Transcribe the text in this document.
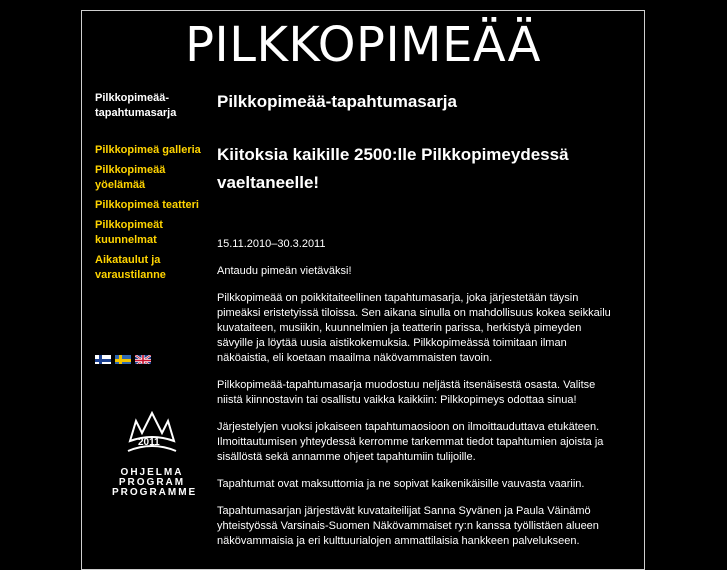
PILKKOPIMEÄÄ
Pilkkopimeää-tapahtumasarja
Pilkkopimeä galleria
Pilkkopimeää yöelämää
Pilkkopimeä teatteri
Pilkkopimeät kuunnelmat
Aikataulut ja varaustilanne
2011
OHJELMA
PROGRAM
PROGRAMME
Pilkkopimeää-tapahtumasarja
Kiitoksia kaikille 2500:lle Pilkkopimeydessä vaeltaneelle!

15.11.2010–30.3.2011

Antaudu pimeän vietäväksi!

Pilkkopimeää on poikkitaiteellinen tapahtumasarja, joka järjestetään täysin pimeäksi eristetyissä tiloissa. Sen aikana sinulla on mahdollisuus kokea seikkailu kuvataiteen, musiikin, kuunnelmien ja teatterin parissa, herkistyä pimeyden sävyille ja löytää uusia aistikokemuksia. Pilkkopimeässä toimitaan ilman näköaistia, eli koetaan maailma näkövammaisten tavoin.

Pilkkopimeää-tapahtumasarja muodostuu neljästä itsenäisestä osasta. Valitse niistä kiinnostavin tai osallistu vaikka kaikkiin: Pilkkopimeys odottaa sinua!

Järjestelyjen vuoksi jokaiseen tapahtumaosioon on ilmoittauduttava etukäteen. Ilmoittautumisen yhteydessä kerromme tarkemmat tiedot tapahtumien ajoista ja sisällöstä sekä annamme ohjeet tapahtumiin tulijoille.

Tapahtumat ovat maksuttomia ja ne sopivat kaikenikäisille vauvasta vaariin.

Tapahtumasarjan järjestävät kuvataiteilijat Sanna Syvänen ja Paula Väinämö yhteistyössä Varsinais-Suomen Näkövammaiset ry:n kanssa työllistäen alueen näkövammaisia ja eri kulttuurialojen ammattilaisia hankkeen palvelukseen.
